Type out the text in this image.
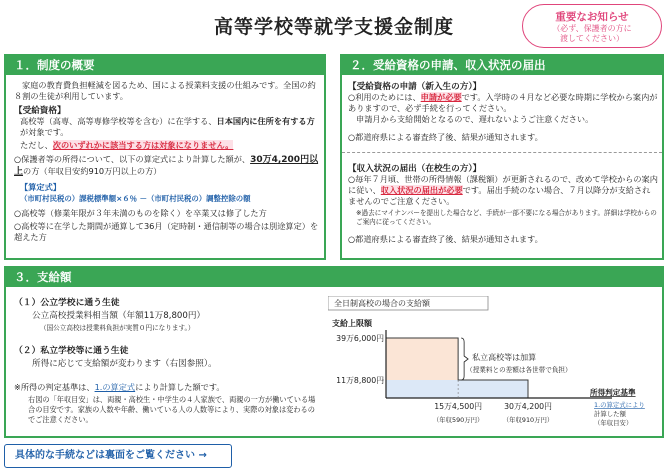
高等学校等就学支援金制度	重要なお知らせ
（必ず、保護者の方に
渡してください）
１．制度の概要
家庭の教育費負担軽減を図るため、国による授業料支援の仕組みです。全国の約８割の生徒が利用しています。
【受給資格】
高校等（高専、高等専修学校等を含む）に在学する、日本国内に住所を有する方が対象です。
ただし、次のいずれかに該当する方は対象になりません。
○保護者等の所得について、以下の算定式により計算した額が、30万4,200円以上の方（年収目安約910万円以上の方）
【算定式】
（市町村民税の）課税標準額×６％ －（市町村民税の）調整控除の額
○高校等（修業年限が３年未満のものを除く）を卒業又は修了した方
○高校等に在学した期間が通算して36月（定時制・通信制等の場合は別途算定）を超えた方
２．受給資格の申請、収入状況の届出
【受給資格の申請（新入生の方）】
○利用のためには、申請が必要です。入学時の４月など必要な時期に学校から案内がありますので、必ず手続を行ってください。
申請月から支給開始となるので、遅れないようご注意ください。
○都道府県による審査終了後、結果が通知されます。
【収入状況の届出（在校生の方）】
○毎年７月頃、世帯の所得情報（課税額）が更新されるので、改めて学校からの案内に従い、収入状況の届出が必要です。届出手続のない場合、７月以降分が支給されませんのでご注意ください。
※過去にマイナンバーを提出した場合など、手続が一部不要になる場合があります。詳細は学校からのご案内に従ってください。
○都道府県による審査終了後、結果が通知されます。
３．支給額
（１）公立学校に通う生徒
公立高校授業料相当額（年額11万8,800円）
（国公立高校は授業料負担が実質０円になります。）
（２）私立学校等に通う生徒
所得に応じて支給額が変わります（右図参照）。
※所得の判定基準は、1.の算定式により計算した額です。
右図の「年収目安」は、両親・高校生・中学生の４人家族で、両親の一方が働いている場合の目安です。家族の人数や年齢、働いている人の人数等により、実際の対象は変わるのでご注意ください。
全日制高校の場合の支給額
支給上限額
39万6,000円
11万8,800円
15万4,500円
（年収590万円）
30万4,200円
（年収910万円）
私立高校等は加算
（授業料との差額は各世帯で負担）
所得判定基準
1.の算定式により
計算した額
（年収目安）
具体的な手続などは裏面をご覧ください →
